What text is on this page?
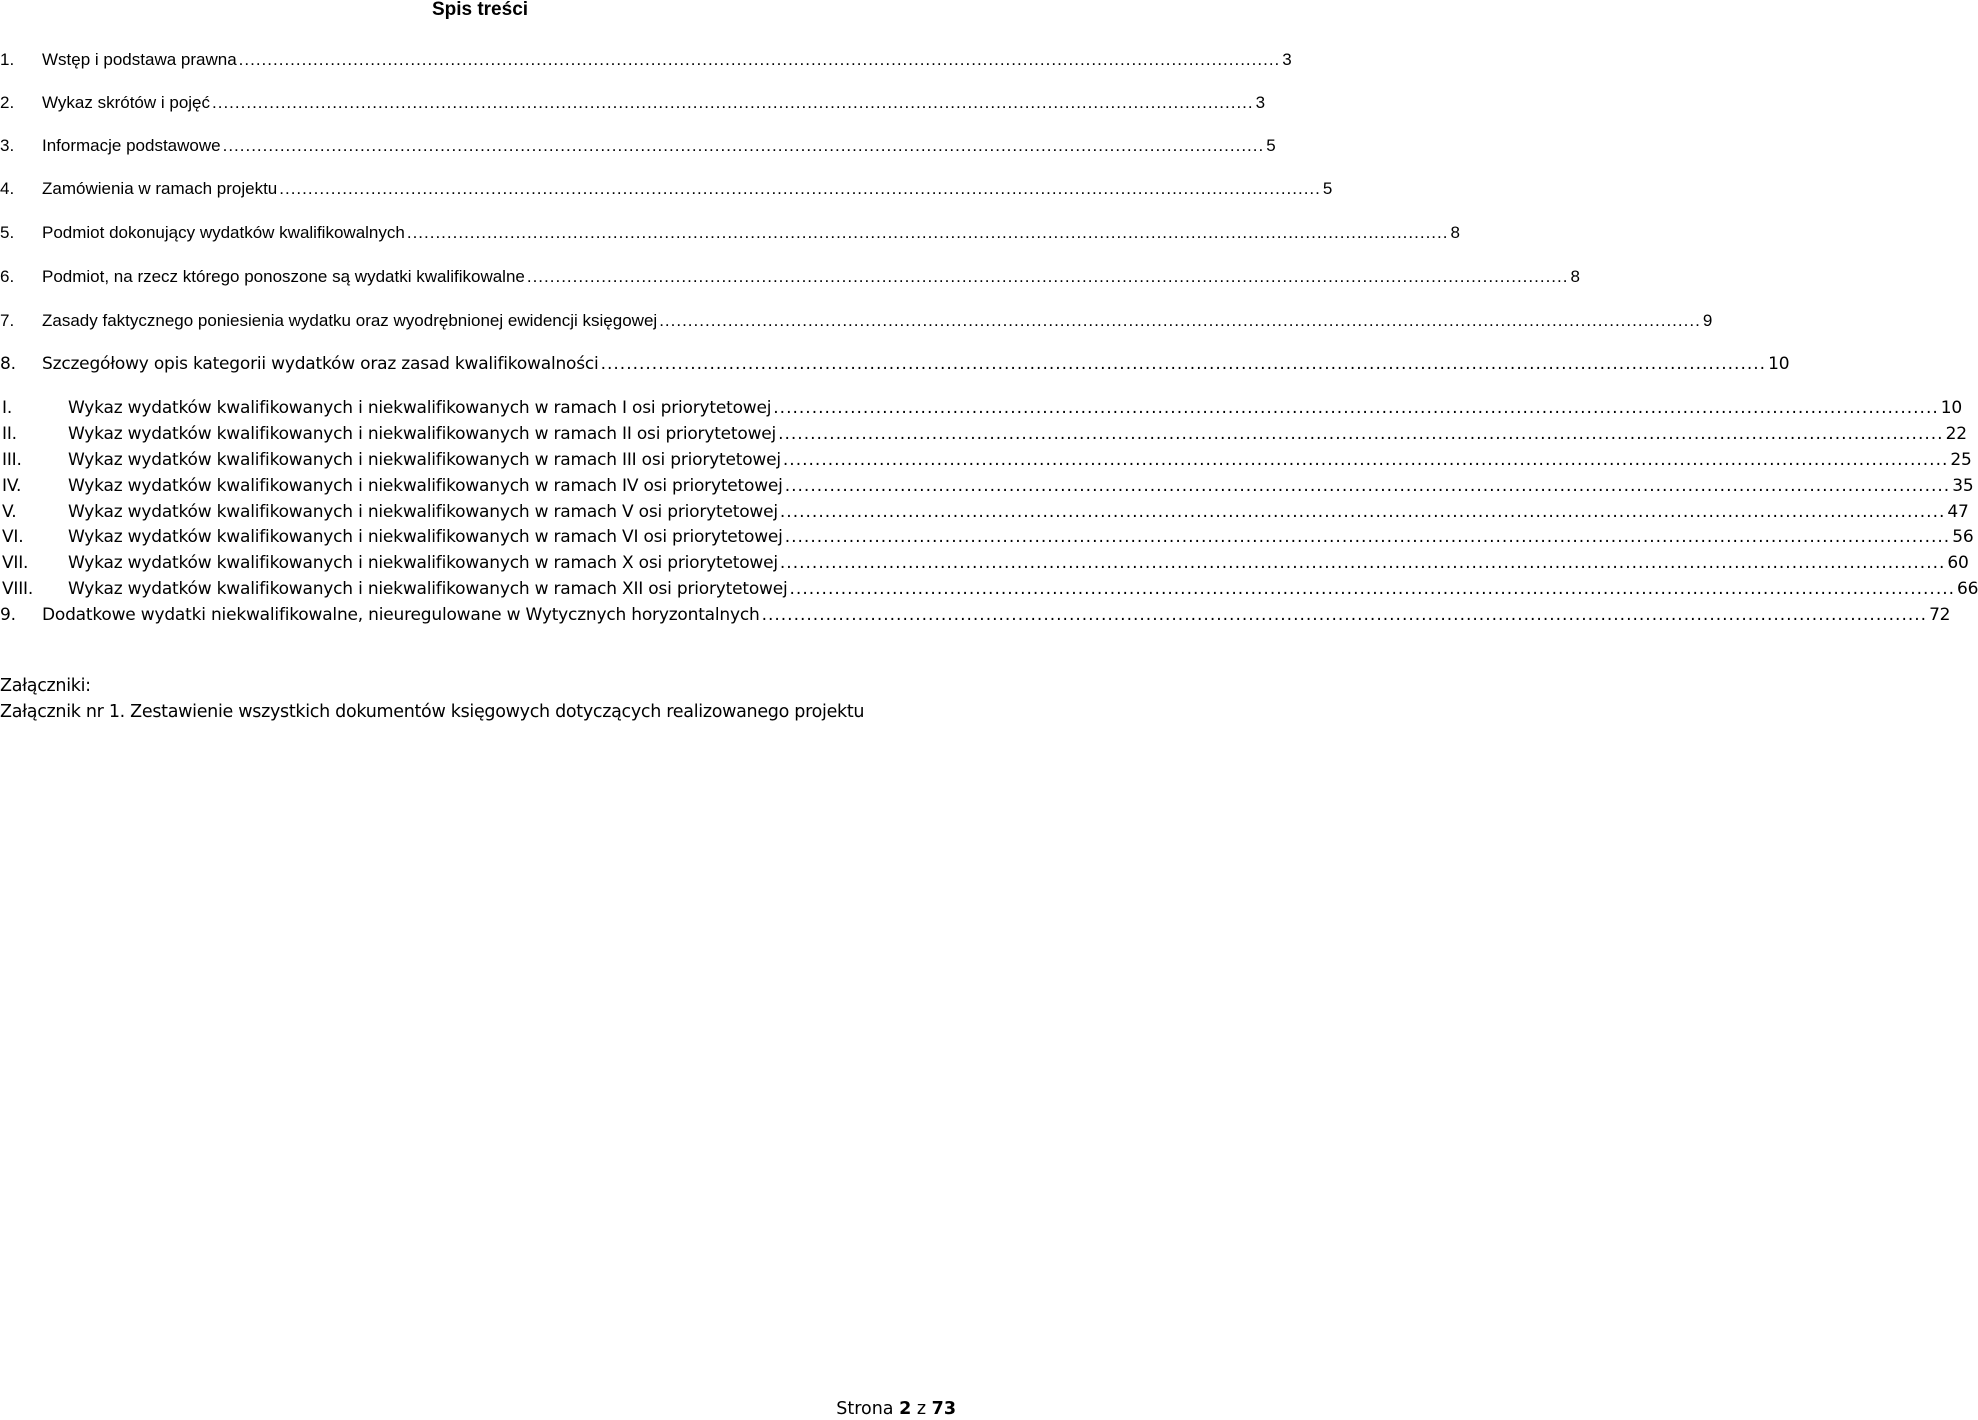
Spis treści
1. Wstęp i podstawa prawna ...................................................................................................................................................................................... 3
2. Wykaz skrótów i pojęć ...................................................................................................................................................................................... 3
3. Informacje podstawowe ...................................................................................................................................................................................... 5
4. Zamówienia w ramach projektu ...................................................................................................................................................................................... 5
5. Podmiot dokonujący wydatków kwalifikowalnych ...................................................................................................................................................................................... 8
6. Podmiot, na rzecz którego ponoszone są wydatki kwalifikowalne ...................................................................................................................................................................................... 8
7. Zasady faktycznego poniesienia wydatku oraz wyodrębnionej ewidencji księgowej ...................................................................................................................................................................................... 9
8. Szczegółowy opis kategorii wydatków oraz zasad kwalifikowalności ...................................................................................................................................................................................... 10
I.	Wykaz wydatków kwalifikowanych i niekwalifikowanych w ramach I osi priorytetowej ...................................................................................................................................................................................... 10
II.	Wykaz wydatków kwalifikowanych i niekwalifikowanych w ramach II osi priorytetowej ...................................................................................................................................................................................... 22
III.	Wykaz wydatków kwalifikowanych i niekwalifikowanych w ramach III osi priorytetowej ...................................................................................................................................................................................... 25
IV.	Wykaz wydatków kwalifikowanych i niekwalifikowanych w ramach IV osi priorytetowej ...................................................................................................................................................................................... 35
V.	Wykaz wydatków kwalifikowanych i niekwalifikowanych w ramach V osi priorytetowej ...................................................................................................................................................................................... 47
VI.	Wykaz wydatków kwalifikowanych i niekwalifikowanych w ramach VI osi priorytetowej ...................................................................................................................................................................................... 56
VII.	Wykaz wydatków kwalifikowanych i niekwalifikowanych w ramach X osi priorytetowej ...................................................................................................................................................................................... 60
VIII.	Wykaz wydatków kwalifikowanych i niekwalifikowanych w ramach XII osi priorytetowej ...................................................................................................................................................................................... 66
9. Dodatkowe wydatki niekwalifikowalne, nieuregulowane w Wytycznych horyzontalnych ...................................................................................................................................................................................... 72
Załączniki:
Załącznik nr 1. Zestawienie wszystkich dokumentów księgowych dotyczących realizowanego projektu
Strona 2 z 73
